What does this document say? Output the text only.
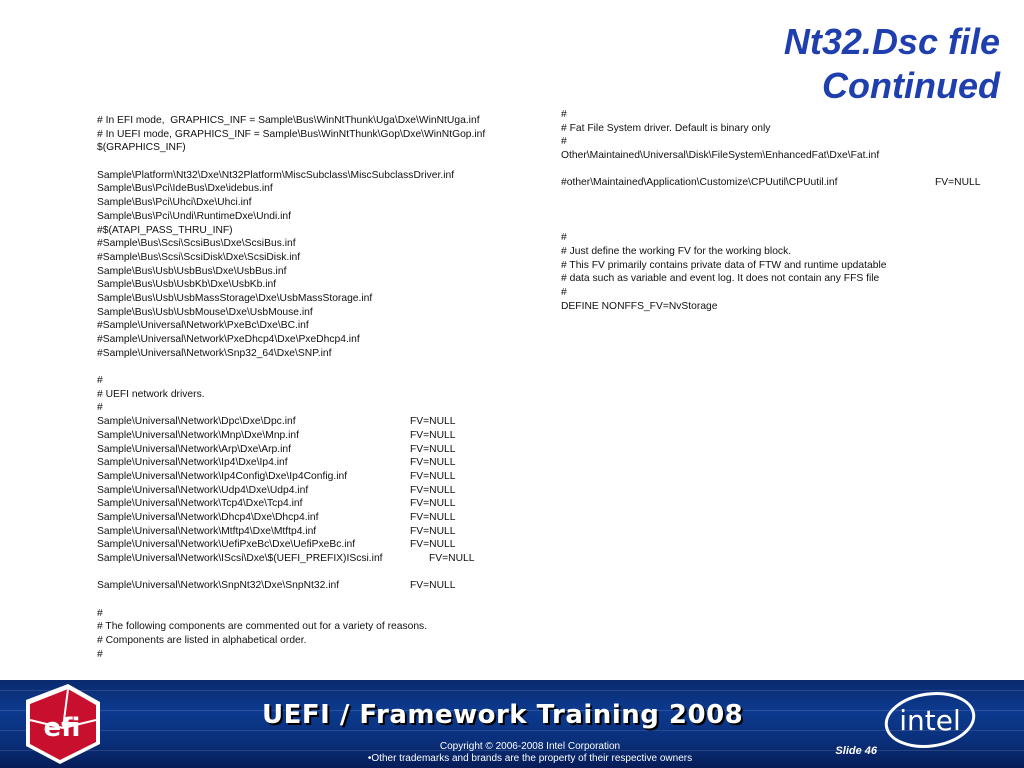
Nt32.Dsc file
Continued
# In EFI mode,  GRAPHICS_INF = Sample\Bus\WinNtThunk\Uga\Dxe\WinNtUga.inf
# In UEFI mode, GRAPHICS_INF = Sample\Bus\WinNtThunk\Gop\Dxe\WinNtGop.inf
$(GRAPHICS_INF)
Sample\Platform\Nt32\Dxe\Nt32Platform\MiscSubclass\MiscSubclassDriver.inf
Sample\Bus\Pci\IdeBus\Dxe\idebus.inf
Sample\Bus\Pci\Uhci\Dxe\Uhci.inf
Sample\Bus\Pci\Undi\RuntimeDxe\Undi.inf
#$(ATAPI_PASS_THRU_INF)
#Sample\Bus\Scsi\ScsiBus\Dxe\ScsiBus.inf
#Sample\Bus\Scsi\ScsiDisk\Dxe\ScsiDisk.inf
Sample\Bus\Usb\UsbBus\Dxe\UsbBus.inf
Sample\Bus\Usb\UsbKb\Dxe\UsbKb.inf
Sample\Bus\Usb\UsbMassStorage\Dxe\UsbMassStorage.inf
Sample\Bus\Usb\UsbMouse\Dxe\UsbMouse.inf
#Sample\Universal\Network\PxeBc\Dxe\BC.inf
#Sample\Universal\Network\PxeDhcp4\Dxe\PxeDhcp4.inf
#Sample\Universal\Network\Snp32_64\Dxe\SNP.inf
#
# UEFI network drivers.
#
Sample\Universal\Network\Dpc\Dxe\Dpc.inf	FV=NULL
Sample\Universal\Network\Mnp\Dxe\Mnp.inf	FV=NULL
Sample\Universal\Network\Arp\Dxe\Arp.inf	FV=NULL
Sample\Universal\Network\Ip4\Dxe\Ip4.inf	FV=NULL
Sample\Universal\Network\Ip4Config\Dxe\Ip4Config.inf	FV=NULL
Sample\Universal\Network\Udp4\Dxe\Udp4.inf	FV=NULL
Sample\Universal\Network\Tcp4\Dxe\Tcp4.inf	FV=NULL
Sample\Universal\Network\Dhcp4\Dxe\Dhcp4.inf	FV=NULL
Sample\Universal\Network\Mtftp4\Dxe\Mtftp4.inf	FV=NULL
Sample\Universal\Network\UefiPxeBc\Dxe\UefiPxeBc.inf	FV=NULL
Sample\Universal\Network\IScsi\Dxe\$(UEFI_PREFIX)IScsi.inf	FV=NULL
Sample\Universal\Network\SnpNt32\Dxe\SnpNt32.inf	FV=NULL
#
# The following components are commented out for a variety of reasons.
# Components are listed in alphabetical order.
#
#
# Fat File System driver. Default is binary only
#
Other\Maintained\Universal\Disk\FileSystem\EnhancedFat\Dxe\Fat.inf
#other\Maintained\Application\Customize\CPUutil\CPUutil.inf	FV=NULL
#
# Just define the working FV for the working block.
# This FV primarily contains private data of FTW and runtime updatable
# data such as variable and event log. It does not contain any FFS file
#
DEFINE NONFFS_FV=NvStorage
efi	UEFI / Framework Training 2008
Copyright © 2006-2008 Intel Corporation
•Other trademarks and brands are the property of their respective owners
Slide 46
intel
